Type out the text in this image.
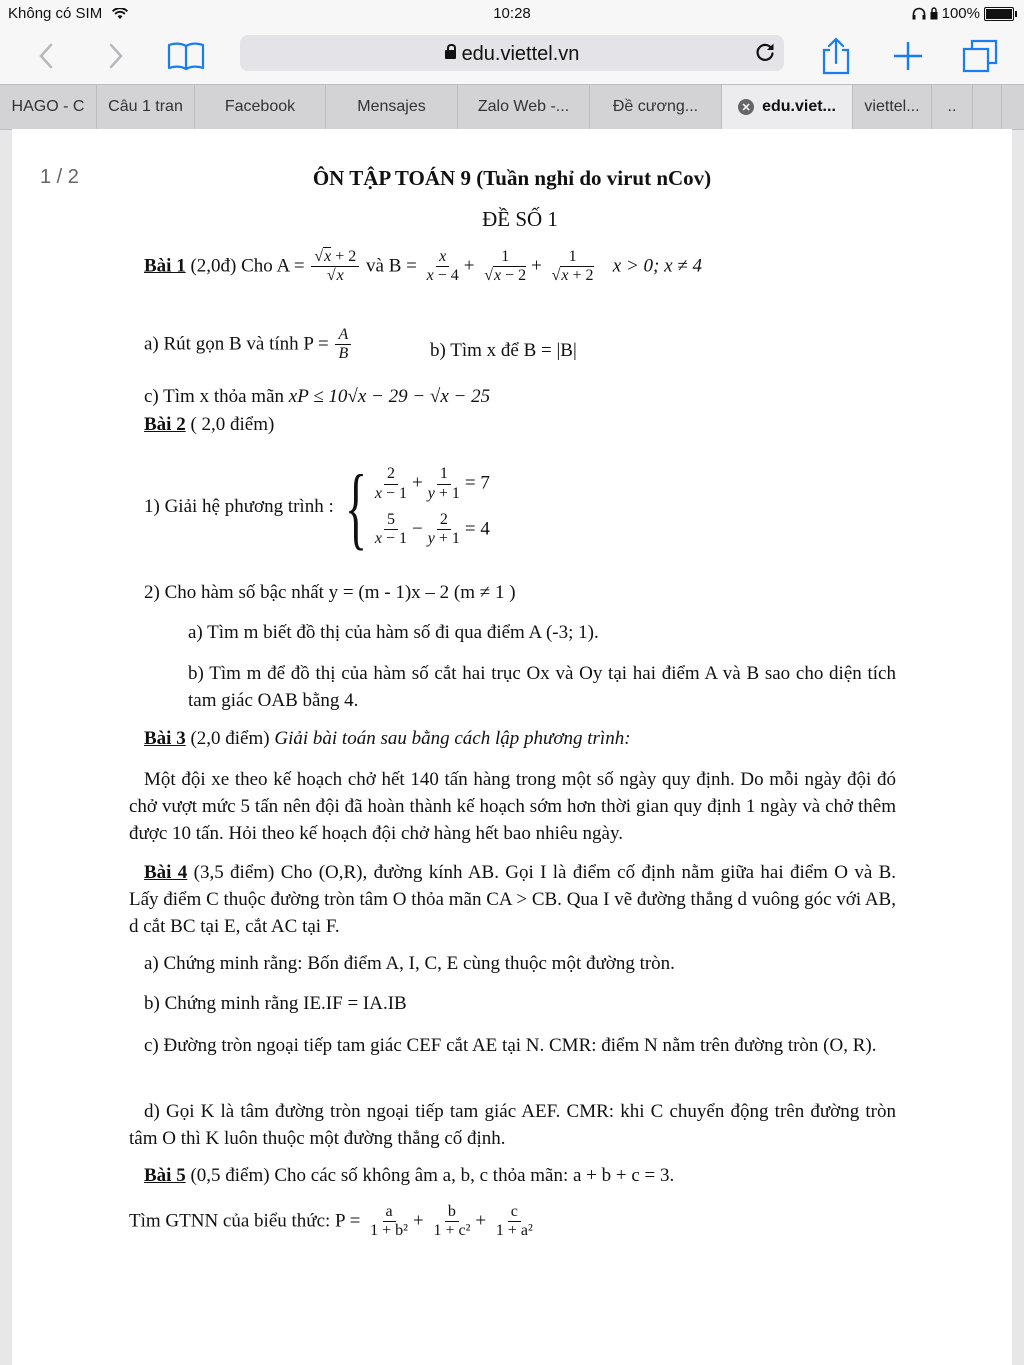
Không có SIM	10:28	100%
edu.viettel.vn
HAGO - C Câu 1 tran	Facebook	Mensajes	Zalo Web -...	Đề cương...	✕ edu.viet... viettel... ..
1 / 2	ÔN TẬP TOÁN 9 (Tuần nghỉ do virut nCov)
ĐỀ SỐ 1
Bài 1 (2,0đ) Cho $A = \frac{√x + 2}{√x}$ và $B = \frac{x}{x - 4} + \frac{1}{√x - 2} + \frac{1}{√x + 2}$ x > 0; x ≠ 4
a) Rút gọn B và tính $P = \frac{A}{B}$	b) Tìm x để B = |B|
c) Tìm x thỏa mãn xP ≤ 10√x − 29 − √x − 25
Bài 2 ( 2,0 điểm)
1) Giải hệ phương trình : { $\frac{2}{x - 1} + \frac{1}{y + 1} = 7$
$\frac{5}{x - 1} - \frac{2}{y + 1} = 4$
2) Cho hàm số bậc nhất y = (m - 1)x – 2 (m ≠ 1 )
a) Tìm m biết đồ thị của hàm số đi qua điểm A (-3; 1).
b) Tìm m để đồ thị của hàm số cắt hai trục Ox và Oy tại hai điểm A và B sao cho diện tích tam giác OAB bằng 4.
Bài 3 (2,0 điểm) Giải bài toán sau bằng cách lập phương trình:
Một đội xe theo kế hoạch chở hết 140 tấn hàng trong một số ngày quy định. Do mỗi ngày đội đó chở vượt mức 5 tấn nên đội đã hoàn thành kế hoạch sớm hơn thời gian quy định 1 ngày và chở thêm được 10 tấn. Hỏi theo kế hoạch đội chở hàng hết bao nhiêu ngày.
Bài 4 (3,5 điểm) Cho (O,R), đường kính AB. Gọi I là điểm cố định nằm giữa hai điểm O và B. Lấy điểm C thuộc đường tròn tâm O thỏa mãn CA > CB. Qua I vẽ đường thẳng d vuông góc với AB, d cắt BC tại E, cắt AC tại F.
a) Chứng minh rằng: Bốn điểm A, I, C, E cùng thuộc một đường tròn.
b) Chứng minh rằng IE.IF = IA.IB
c) Đường tròn ngoại tiếp tam giác CEF cắt AE tại N. CMR: điểm N nằm trên đường tròn (O, R).
d) Gọi K là tâm đường tròn ngoại tiếp tam giác AEF. CMR: khi C chuyển động trên đường tròn tâm O thì K luôn thuộc một đường thẳng cố định.
Bài 5 (0,5 điểm) Cho các số không âm a, b, c thỏa mãn: a + b + c = 3.
Tìm GTNN của biểu thức: $P = \frac{a}{\text{1 + b²}} + \frac{b}{\text{1 + c²}} + \frac{c}{\text{1 + a²}}$
